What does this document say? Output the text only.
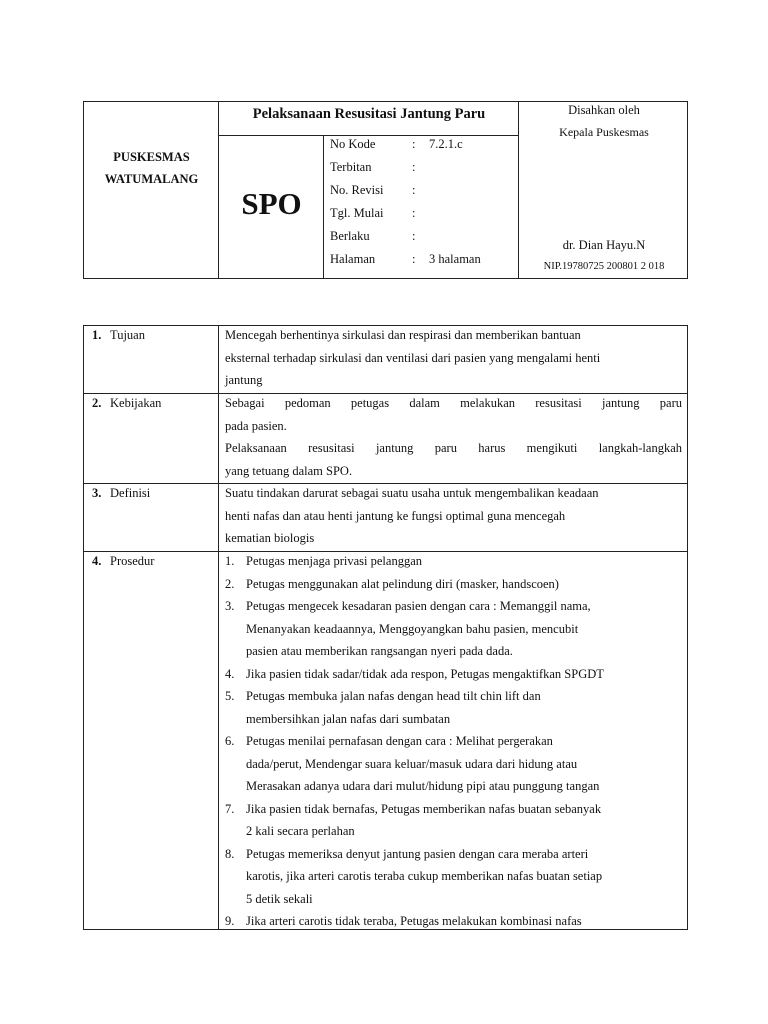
PUSKESMAS
WATUMALANG
Pelaksanaan Resusitasi Jantung Paru
SPO
No Kode	: 7.2.1.c
Terbitan	:
No. Revisi :
Tgl. Mulai :
Berlaku	:
Halaman	: 3 halaman
Disahkan oleh
Kepala Puskesmas
dr. Dian Hayu.N
NIP.19780725 200801 2 018
1. Tujuan	Mencegah berhentinya sirkulasi dan respirasi dan memberikan bantuan
eksternal terhadap sirkulasi dan ventilasi dari pasien yang mengalami henti
jantung
2. Kebijakan	Sebagai pedoman petugas dalam melakukan resusitasi jantung paru
pada pasien.
Pelaksanaan resusitasi jantung paru harus mengikuti langkah-langkah
yang tetuang dalam SPO.
3. Definisi	Suatu tindakan darurat sebagai suatu usaha untuk mengembalikan keadaan
henti nafas dan atau henti jantung ke fungsi optimal guna mencegah
kematian biologis
4. Prosedur	1. Petugas menjaga privasi pelanggan
2. Petugas menggunakan alat pelindung diri (masker, handscoen)
3. Petugas mengecek kesadaran pasien dengan cara : Memanggil nama,
Menanyakan keadaannya, Menggoyangkan bahu pasien, mencubit
pasien atau memberikan rangsangan nyeri pada dada.
4. Jika pasien tidak sadar/tidak ada respon, Petugas mengaktifkan SPGDT
5. Petugas membuka jalan nafas dengan head tilt chin lift dan
membersihkan jalan nafas dari sumbatan
6. Petugas menilai pernafasan dengan cara : Melihat pergerakan
dada/perut, Mendengar suara keluar/masuk udara dari hidung atau
Merasakan adanya udara dari mulut/hidung pipi atau punggung tangan
7. Jika pasien tidak bernafas, Petugas memberikan nafas buatan sebanyak
2 kali secara perlahan
8. Petugas memeriksa denyut jantung pasien dengan cara meraba arteri
karotis, jika arteri carotis teraba cukup memberikan nafas buatan setiap
5 detik sekali
9. Jika arteri carotis tidak teraba, Petugas melakukan kombinasi nafas
